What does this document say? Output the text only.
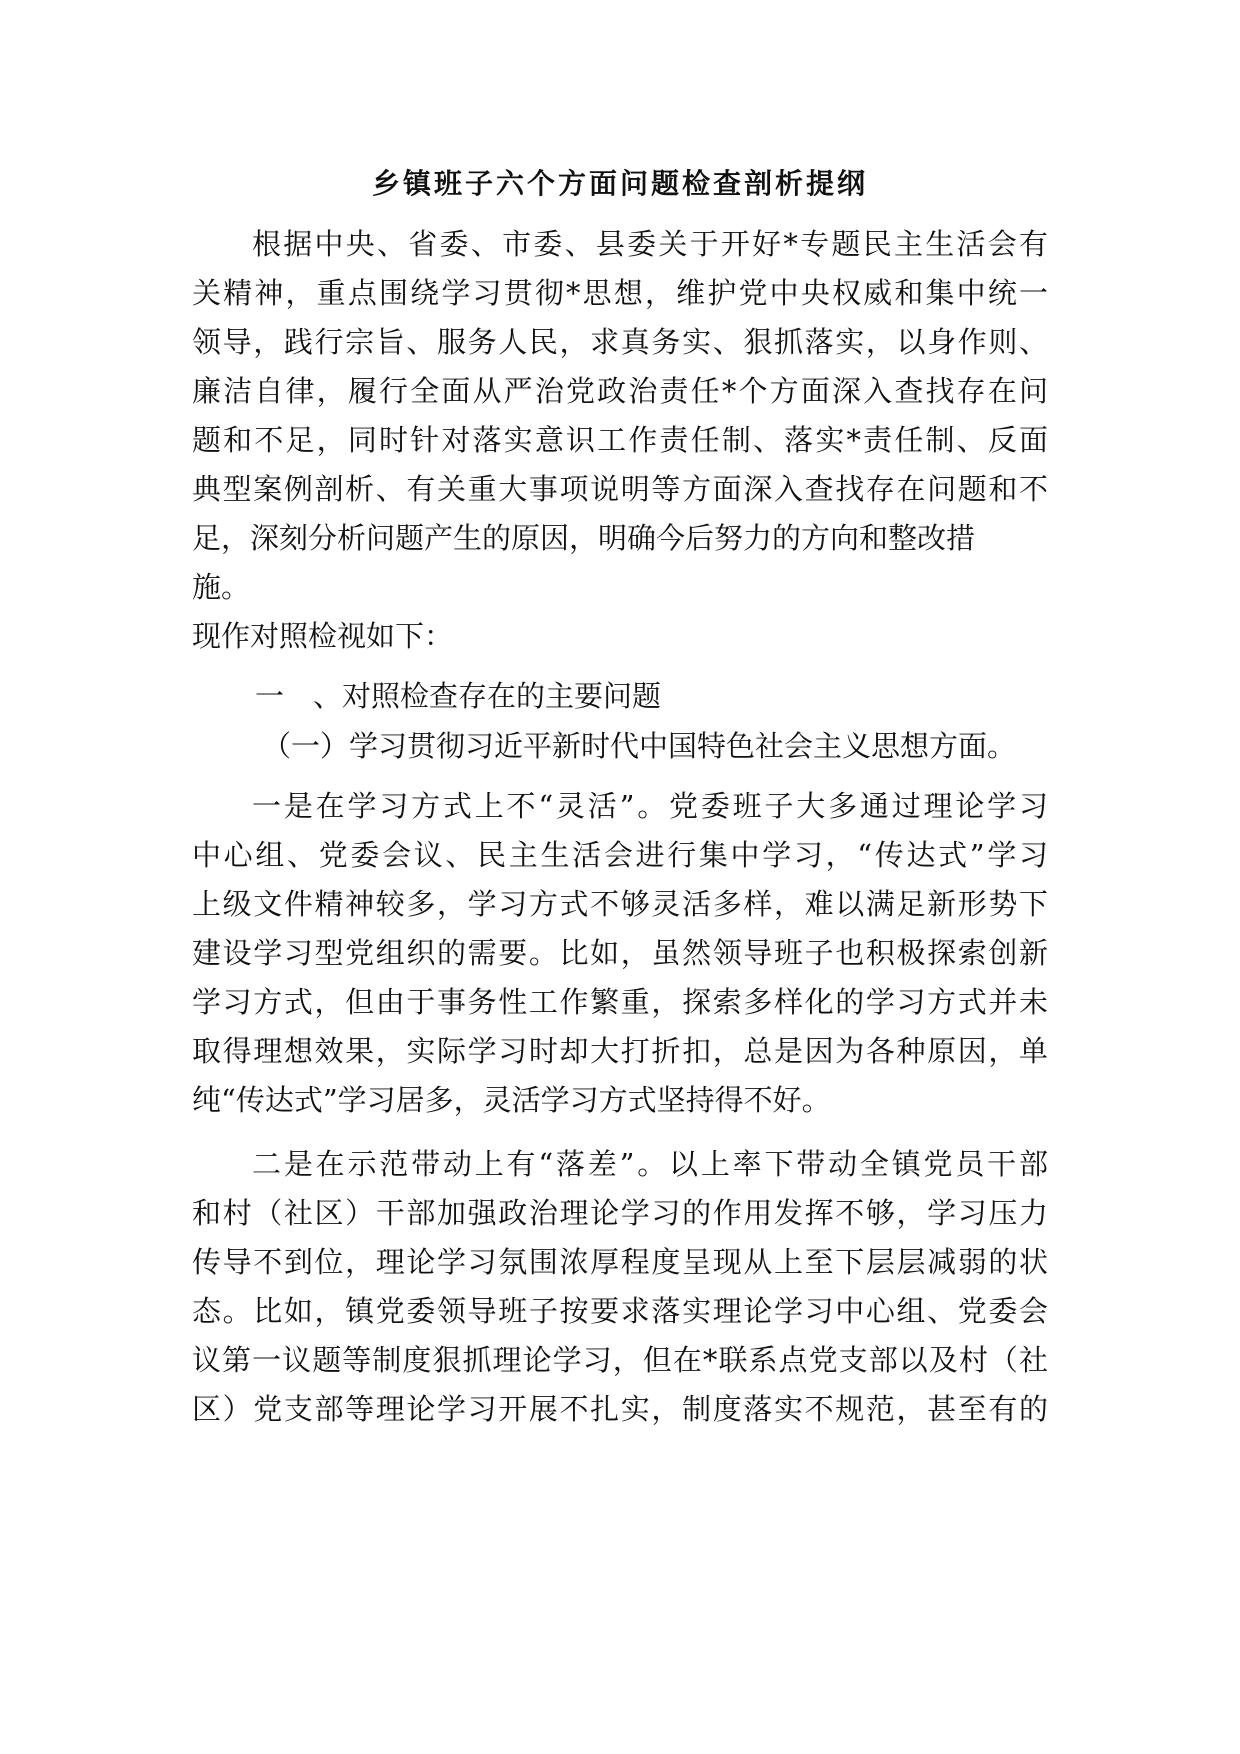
乡镇班子六个方面问题检查剖析提纲

根据中央、省委、市委、县委关于开好*专题民主生活会有

关精神，重点围绕学习贯彻*思想，维护党中央权威和集中统一

领导，践行宗旨、服务人民，求真务实、狠抓落实，以身作则、

廉洁自律，履行全面从严治党政治责任*个方面深入查找存在问

题和不足，同时针对落实意识工作责任制、落实*责任制、反面

典型案例剖析、有关重大事项说明等方面深入查找存在问题和不

足，深刻分析问题产生的原因，明确今后努力的方向和整改措

施。

现作对照检视如下：

一　、对照检查存在的主要问题

（一）学习贯彻习近平新时代中国特色社会主义思想方面。

一是在学习方式上不“灵活”。党委班子大多通过理论学习

中心组、党委会议、民主生活会进行集中学习，“传达式”学习

上级文件精神较多，学习方式不够灵活多样，难以满足新形势下

建设学习型党组织的需要。比如，虽然领导班子也积极探索创新

学习方式，但由于事务性工作繁重，探索多样化的学习方式并未

取得理想效果，实际学习时却大打折扣，总是因为各种原因，单

纯“传达式”学习居多，灵活学习方式坚持得不好。

二是在示范带动上有“落差”。以上率下带动全镇党员干部

和村（社区）干部加强政治理论学习的作用发挥不够，学习压力

传导不到位，理论学习氛围浓厚程度呈现从上至下层层减弱的状

态。比如，镇党委领导班子按要求落实理论学习中心组、党委会

议第一议题等制度狠抓理论学习，但在*联系点党支部以及村（社

区）党支部等理论学习开展不扎实，制度落实不规范，甚至有的
